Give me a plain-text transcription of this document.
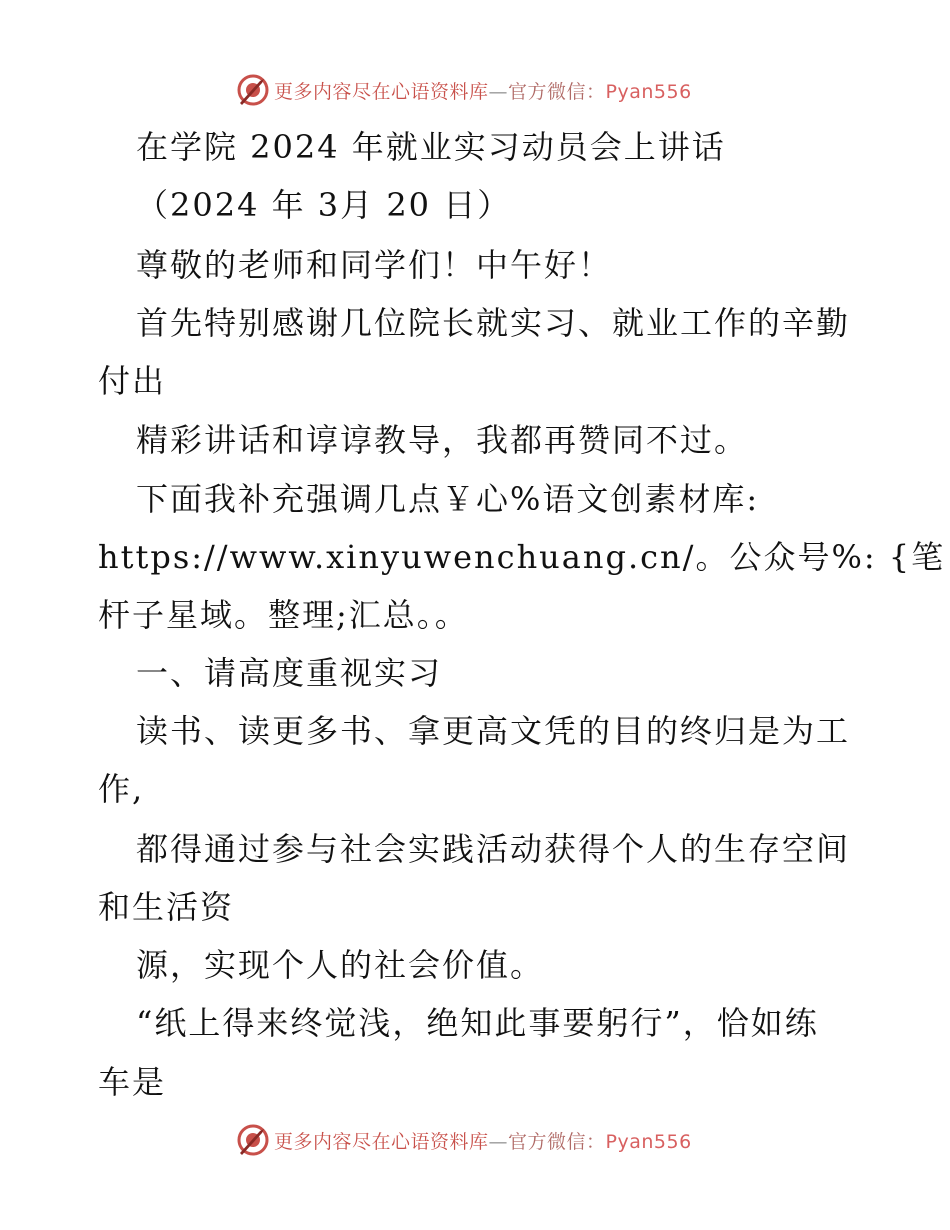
更多内容尽在心语资料库—官方微信：Pyan556
在学院 2024 年就业实习动员会上讲话
（2024 年 3月 20 日）
尊敬的老师和同学们！中午好！
首先特别感谢几位院长就实习、就业工作的辛勤
付出
精彩讲话和谆谆教导，我都再赞同不过。
下面我补充强调几点￥心%语文创素材库:
https://www.xinyuwenchuang.cn/。公众号%: {笔
杆子星域。整理;汇总。。
一、请高度重视实习
读书、读更多书、拿更高文凭的目的终归是为工
作,
都得通过参与社会实践活动获得个人的生存空间
和生活资
源，实现个人的社会价值。
“纸上得来终觉浅，绝知此事要躬行”，恰如练
车是
更多内容尽在心语资料库—官方微信：Pyan556
